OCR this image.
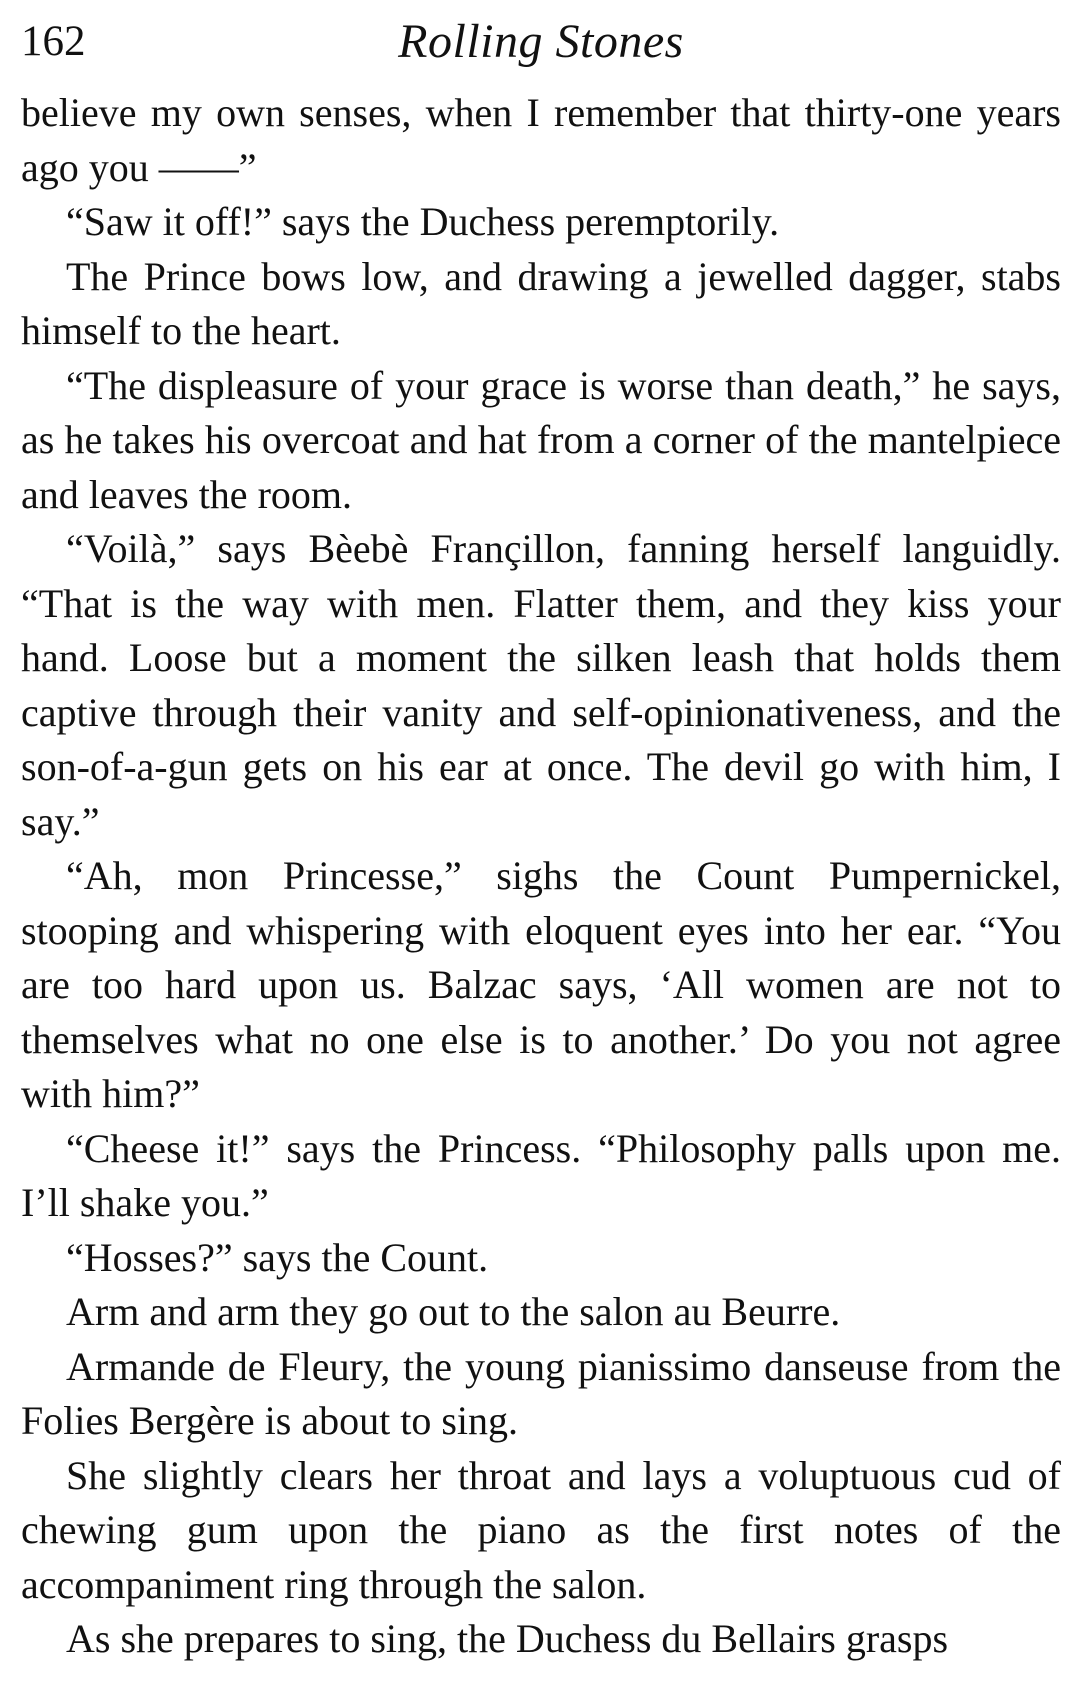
162	Rolling Stones

believe my own senses, when I remember that thirty-one years ago you ——”

“Saw it off!” says the Duchess peremptorily.

The Prince bows low, and drawing a jewelled dagger, stabs himself to the heart.

“The displeasure of your grace is worse than death,” he says, as he takes his overcoat and hat from a corner of the mantelpiece and leaves the room.

“Voilà,” says Bèebè Françillon, fanning herself languidly. “That is the way with men. Flatter them, and they kiss your hand. Loose but a moment the silken leash that holds them captive through their vanity and self-opinionativeness, and the son-of-a-gun gets on his ear at once. The devil go with him, I say.”

“Ah, mon Princesse,” sighs the Count Pumpernickel, stooping and whispering with eloquent eyes into her ear. “You are too hard upon us. Balzac says, ‘All women are not to themselves what no one else is to another.’ Do you not agree with him?”

“Cheese it!” says the Princess. “Philosophy palls upon me. I’ll shake you.”

“Hosses?” says the Count.

Arm and arm they go out to the salon au Beurre.

Armande de Fleury, the young pianissimo danseuse from the Folies Bergère is about to sing.

She slightly clears her throat and lays a voluptuous cud of chewing gum upon the piano as the first notes of the accompaniment ring through the salon.

As she prepares to sing, the Duchess du Bellairs grasps
